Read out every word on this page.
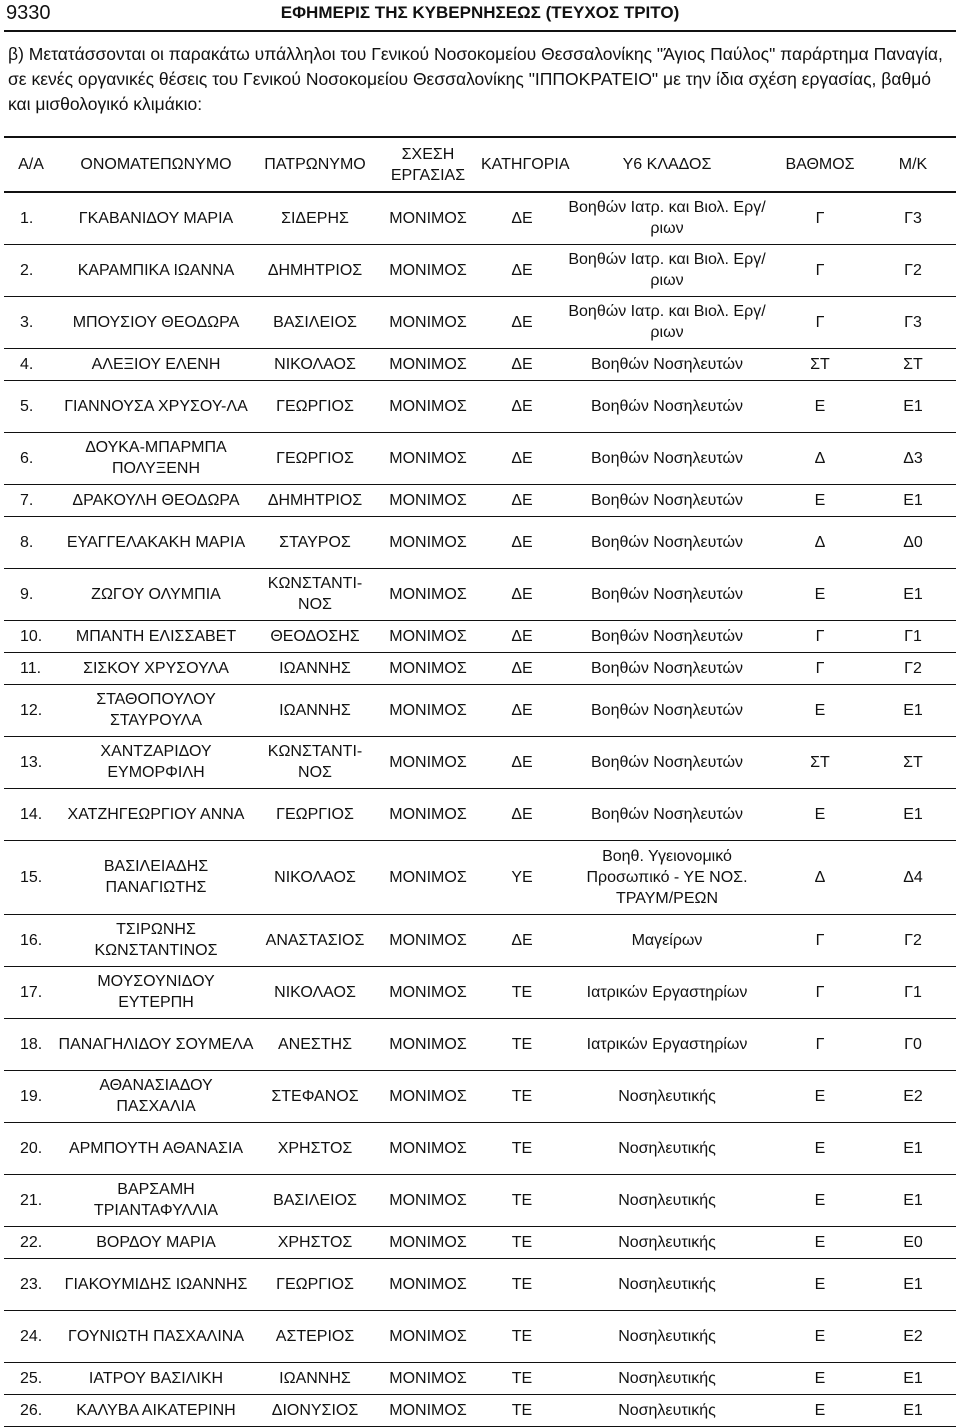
9330	ΕΦΗΜΕΡΙΣ ΤΗΣ ΚΥΒΕΡΝΗΣΕΩΣ (ΤΕΥΧΟΣ ΤΡΙΤΟ)
β) Μετατάσσονται οι παρακάτω υπάλληλοι του Γενικού Νοσοκομείου Θεσσαλονίκης "Άγιος Παύλος" παράρτημα Παναγία, σε κενές οργανικές θέσεις του Γενικού Νοσοκομείου Θεσσαλονίκης "ΙΠΠΟΚΡΑΤΕΙΟ" με την ίδια σχέση εργασίας, βαθμό και μισθολογικό κλιμάκιο:
Α/Α	ΟΝΟΜΑΤΕΠΩΝΥΜΟ	ΠΑΤΡΩΝΥΜΟ	ΣΧΕΣΗ ΕΡΓΑΣΙΑΣ	ΚΑΤΗΓΟΡΙΑ	Υ6 ΚΛΑΔΟΣ	ΒΑΘΜΟΣ	Μ/Κ
1.	ΓΚΑΒΑΝΙΔΟΥ ΜΑΡΙΑ	ΣΙΔΕΡΗΣ	ΜΟΝΙΜΟΣ	ΔΕ	Βοηθών Ιατρ. και Βιολ. Εργ/ριων	Γ	Γ3
2.	ΚΑΡΑΜΠΙΚΑ ΙΩΑΝΝΑ	ΔΗΜΗΤΡΙΟΣ	ΜΟΝΙΜΟΣ	ΔΕ	Βοηθών Ιατρ. και Βιολ. Εργ/ριων	Γ	Γ2
3.	ΜΠΟΥΣΙΟΥ ΘΕΟΔΩΡΑ	ΒΑΣΙΛΕΙΟΣ	ΜΟΝΙΜΟΣ	ΔΕ	Βοηθών Ιατρ. και Βιολ. Εργ/ριων	Γ	Γ3
4.	ΑΛΕΞΙΟΥ ΕΛΕΝΗ	ΝΙΚΟΛΑΟΣ	ΜΟΝΙΜΟΣ	ΔΕ	Βοηθών Νοσηλευτών	ΣΤ	ΣΤ
5.	ΓΙΑΝΝΟΥΣΑ ΧΡΥΣΟΥ-ΛΑ	ΓΕΩΡΓΙΟΣ	ΜΟΝΙΜΟΣ	ΔΕ	Βοηθών Νοσηλευτών	Ε	Ε1
6.	ΔΟΥΚΑ-ΜΠΑΡΜΠΑ ΠΟΛΥΞΕΝΗ	ΓΕΩΡΓΙΟΣ	ΜΟΝΙΜΟΣ	ΔΕ	Βοηθών Νοσηλευτών	Δ	Δ3
7.	ΔΡΑΚΟΥΛΗ ΘΕΟΔΩΡΑ	ΔΗΜΗΤΡΙΟΣ	ΜΟΝΙΜΟΣ	ΔΕ	Βοηθών Νοσηλευτών	Ε	Ε1
8.	ΕΥΑΓΓΕΛΑΚΑΚΗ ΜΑΡΙΑ	ΣΤΑΥΡΟΣ	ΜΟΝΙΜΟΣ	ΔΕ	Βοηθών Νοσηλευτών	Δ	Δ0
9.	ΖΩΓΟΥ ΟΛΥΜΠΙΑ	ΚΩΝΣΤΑΝΤΙ-ΝΟΣ	ΜΟΝΙΜΟΣ	ΔΕ	Βοηθών Νοσηλευτών	Ε	Ε1
10.	ΜΠΑΝΤΗ ΕΛΙΣΣΑΒΕΤ	ΘΕΟΔΟΣΗΣ	ΜΟΝΙΜΟΣ	ΔΕ	Βοηθών Νοσηλευτών	Γ	Γ1
11.	ΣΙΣΚΟΥ ΧΡΥΣΟΥΛΑ	ΙΩΑΝΝΗΣ	ΜΟΝΙΜΟΣ	ΔΕ	Βοηθών Νοσηλευτών	Γ	Γ2
12.	ΣΤΑΘΟΠΟΥΛΟΥ ΣΤΑΥΡΟΥΛΑ	ΙΩΑΝΝΗΣ	ΜΟΝΙΜΟΣ	ΔΕ	Βοηθών Νοσηλευτών	Ε	Ε1
13.	ΧΑΝΤΖΑΡΙΔΟΥ ΕΥΜΟΡΦΙΛΗ	ΚΩΝΣΤΑΝΤΙ-ΝΟΣ	ΜΟΝΙΜΟΣ	ΔΕ	Βοηθών Νοσηλευτών	ΣΤ	ΣΤ
14.	ΧΑΤΖΗΓΕΩΡΓΙΟΥ ΑΝΝΑ	ΓΕΩΡΓΙΟΣ	ΜΟΝΙΜΟΣ	ΔΕ	Βοηθών Νοσηλευτών	Ε	Ε1
15.	ΒΑΣΙΛΕΙΑΔΗΣ ΠΑΝΑΓΙΩΤΗΣ	ΝΙΚΟΛΑΟΣ	ΜΟΝΙΜΟΣ	ΥΕ	Βοηθ. Υγειονομικό Προσωπικό - ΥΕ ΝΟΣ. ΤΡΑΥΜ/ΡΕΩΝ	Δ	Δ4
16.	ΤΣΙΡΩΝΗΣ ΚΩΝΣΤΑΝΤΙΝΟΣ	ΑΝΑΣΤΑΣΙΟΣ	ΜΟΝΙΜΟΣ	ΔΕ	Μαγείρων	Γ	Γ2
17.	ΜΟΥΣΟΥΝΙΔΟΥ ΕΥΤΕΡΠΗ	ΝΙΚΟΛΑΟΣ	ΜΟΝΙΜΟΣ	ΤΕ	Ιατρικών Εργαστηρίων	Γ	Γ1
18.	ΠΑΝΑΓΗΛΙΔΟΥ ΣΟΥΜΕΛΑ	ΑΝΕΣΤΗΣ	ΜΟΝΙΜΟΣ	ΤΕ	Ιατρικών Εργαστηρίων	Γ	Γ0
19.	ΑΘΑΝΑΣΙΑΔΟΥ ΠΑΣΧΑΛΙΑ	ΣΤΕΦΑΝΟΣ	ΜΟΝΙΜΟΣ	ΤΕ	Νοσηλευτικής	Ε	Ε2
20.	ΑΡΜΠΟΥΤΗ ΑΘΑΝΑΣΙΑ	ΧΡΗΣΤΟΣ	ΜΟΝΙΜΟΣ	ΤΕ	Νοσηλευτικής	Ε	Ε1
21.	ΒΑΡΣΑΜΗ ΤΡΙΑΝΤΑΦΥΛΛΙΑ	ΒΑΣΙΛΕΙΟΣ	ΜΟΝΙΜΟΣ	ΤΕ	Νοσηλευτικής	Ε	Ε1
22.	ΒΟΡΔΟΥ ΜΑΡΙΑ	ΧΡΗΣΤΟΣ	ΜΟΝΙΜΟΣ	ΤΕ	Νοσηλευτικής	Ε	Ε0
23.	ΓΙΑΚΟΥΜΙΔΗΣ ΙΩΑΝΝΗΣ	ΓΕΩΡΓΙΟΣ	ΜΟΝΙΜΟΣ	ΤΕ	Νοσηλευτικής	Ε	Ε1
24.	ΓΟΥΝΙΩΤΗ ΠΑΣΧΑΛΙΝΑ	ΑΣΤΕΡΙΟΣ	ΜΟΝΙΜΟΣ	ΤΕ	Νοσηλευτικής	Ε	Ε2
25.	ΙΑΤΡΟΥ ΒΑΣΙΛΙΚΗ	ΙΩΑΝΝΗΣ	ΜΟΝΙΜΟΣ	ΤΕ	Νοσηλευτικής	Ε	Ε1
26.	ΚΑΛΥΒΑ ΑΙΚΑΤΕΡΙΝΗ	ΔΙΟΝΥΣΙΟΣ	ΜΟΝΙΜΟΣ	ΤΕ	Νοσηλευτικής	Ε	Ε1
